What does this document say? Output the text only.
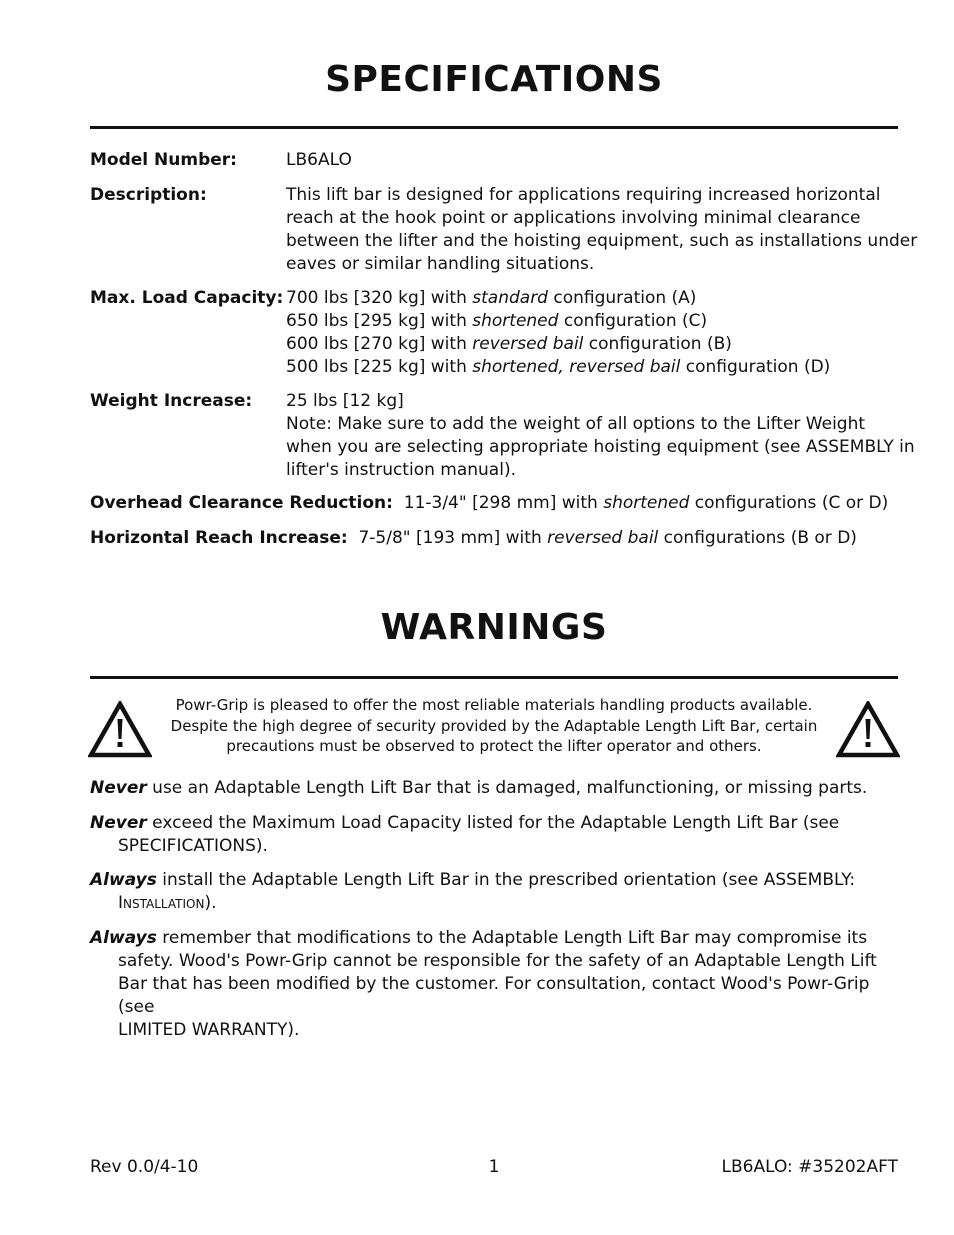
SPECIFICATIONS
Model Number:	LB6ALO
Description:	This lift bar is designed for applications requiring increased horizontal
reach at the hook point or applications involving minimal clearance
between the lifter and the hoisting equipment, such as installations under
eaves or similar handling situations.
Max. Load Capacity: 700 lbs [320 kg] with standard configuration (A)
650 lbs [295 kg] with shortened configuration (C)
600 lbs [270 kg] with reversed bail configuration (B)
500 lbs [225 kg] with shortened, reversed bail configuration (D)
Weight Increase: 25 lbs [12 kg]
Note: Make sure to add the weight of all options to the Lifter Weight
when you are selecting appropriate hoisting equipment (see ASSEMBLY in
lifter's instruction manual).
Overhead Clearance Reduction: 11-3/4" [298 mm] with shortened configurations (C or D)
Horizontal Reach Increase: 7-5/8" [193 mm] with reversed bail configurations (B or D)
WARNINGS
Powr-Grip is pleased to offer the most reliable materials handling products available.
Despite the high degree of security provided by the Adaptable Length Lift Bar, certain
precautions must be observed to protect the lifter operator and others.
Never use an Adaptable Length Lift Bar that is damaged, malfunctioning, or missing parts.
Never exceed the Maximum Load Capacity listed for the Adaptable Length Lift Bar (see
SPECIFICATIONS).
Always install the Adaptable Length Lift Bar in the prescribed orientation (see ASSEMBLY:
INSTALLATION).
Always remember that modifications to the Adaptable Length Lift Bar may compromise its
safety. Wood's Powr-Grip cannot be responsible for the safety of an Adaptable Length Lift
Bar that has been modified by the customer. For consultation, contact Wood's Powr-Grip (see
LIMITED WARRANTY).
Rev 0.0/4-10	1	LB6ALO: #35202AFT
